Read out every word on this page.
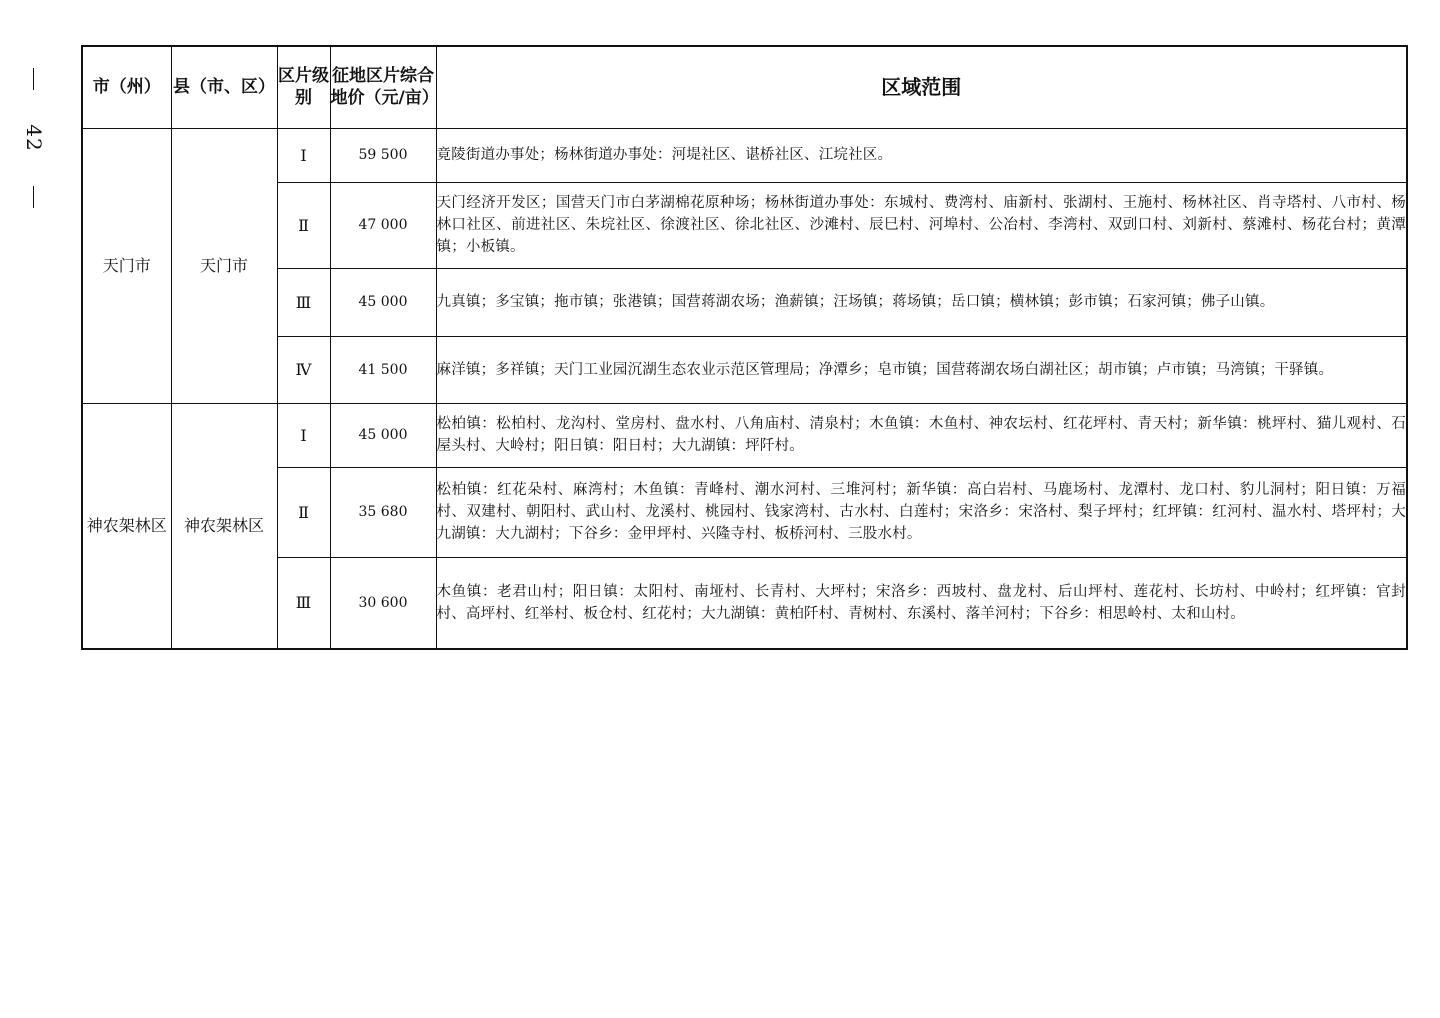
42
市（州）	县（市、区）	区片级别	征地区片综合地价（元/亩）	区域范围
天门市	天门市	Ⅰ	59 500	竟陵街道办事处；杨林街道办事处：河堤社区、谌桥社区、江垸社区。
		Ⅱ	47 000	天门经济开发区；国营天门市白茅湖棉花原种场；杨林街道办事处：东城村、费湾村、庙新村、张湖村、王施村、杨林社区、肖寺塔村、八市村、杨林口社区、前进社区、朱垸社区、徐渡社区、徐北社区、沙滩村、辰巳村、河埠村、公冶村、李湾村、双剅口村、刘新村、蔡滩村、杨花台村；黄潭镇；小板镇。
		Ⅲ	45 000	九真镇；多宝镇；拖市镇；张港镇；国营蒋湖农场；渔薪镇；汪场镇；蒋场镇；岳口镇；横林镇；彭市镇；石家河镇；佛子山镇。
		Ⅳ	41 500	麻洋镇；多祥镇；天门工业园沉湖生态农业示范区管理局；净潭乡；皂市镇；国营蒋湖农场白湖社区；胡市镇；卢市镇；马湾镇；干驿镇。
神农架林区	神农架林区	Ⅰ	45 000	松柏镇：松柏村、龙沟村、堂房村、盘水村、八角庙村、清泉村；木鱼镇：木鱼村、神农坛村、红花坪村、青天村；新华镇：桃坪村、猫儿观村、石屋头村、大岭村；阳日镇：阳日村；大九湖镇：坪阡村。
		Ⅱ	35 680	松柏镇：红花朵村、麻湾村；木鱼镇：青峰村、潮水河村、三堆河村；新华镇：高白岩村、马鹿场村、龙潭村、龙口村、豹儿洞村；阳日镇：万福村、双建村、朝阳村、武山村、龙溪村、桃园村、钱家湾村、古水村、白莲村；宋洛乡：宋洛村、梨子坪村；红坪镇：红河村、温水村、塔坪村；大九湖镇：大九湖村；下谷乡：金甲坪村、兴隆寺村、板桥河村、三股水村。
		Ⅲ	30 600	木鱼镇：老君山村；阳日镇：太阳村、南垭村、长青村、大坪村；宋洛乡：西坡村、盘龙村、后山坪村、莲花村、长坊村、中岭村；红坪镇：官封村、高坪村、红举村、板仓村、红花村；大九湖镇：黄柏阡村、青树村、东溪村、落羊河村；下谷乡：相思岭村、太和山村。
